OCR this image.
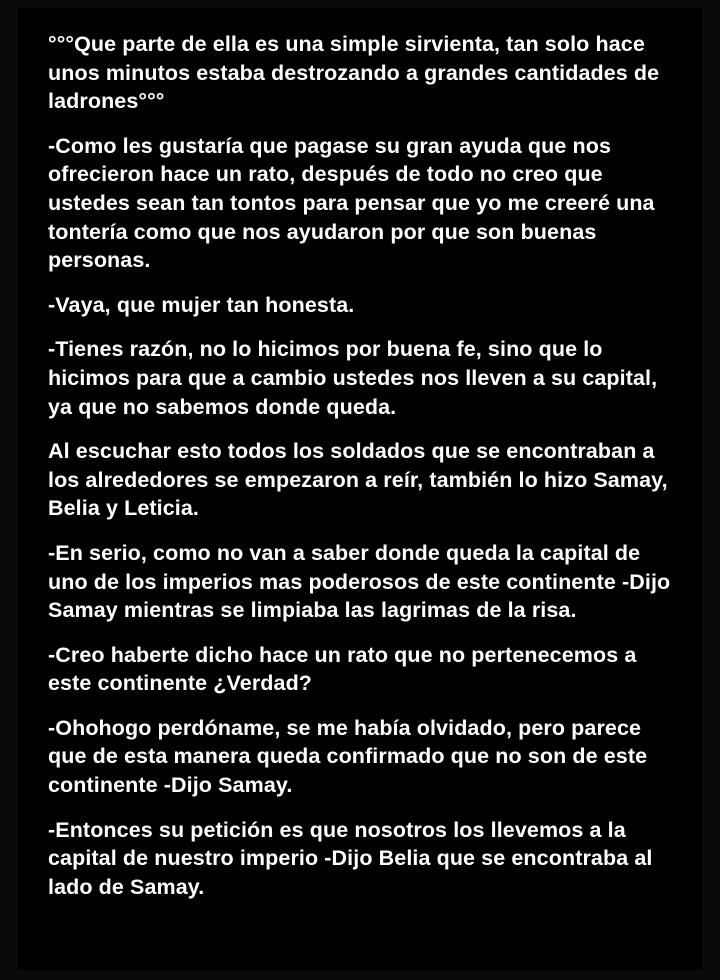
°°°Que parte de ella es una simple sirvienta, tan solo hace unos minutos estaba destrozando a grandes cantidades de ladrones°°°

-Como les gustaría que pagase su gran ayuda que nos ofrecieron hace un rato, después de todo no creo que ustedes sean tan tontos para pensar que yo me creeré una tontería como que nos ayudaron por que son buenas personas.

-Vaya, que mujer tan honesta.

-Tienes razón, no lo hicimos por buena fe, sino que lo hicimos para que a cambio ustedes nos lleven a su capital, ya que no sabemos donde queda.

Al escuchar esto todos los soldados que se encontraban a los alrededores se empezaron a reír, también lo hizo Samay, Belia y Leticia.

-En serio, como no van a saber donde queda la capital de uno de los imperios mas poderosos de este continente -Dijo Samay mientras se limpiaba las lagrimas de la risa.

-Creo haberte dicho hace un rato que no pertenecemos a este continente ¿Verdad?

-Ohohogo perdóname, se me había olvidado, pero parece que de esta manera queda confirmado que no son de este continente -Dijo Samay.

-Entonces su petición es que nosotros los llevemos a la capital de nuestro imperio -Dijo Belia que se encontraba al lado de Samay.
